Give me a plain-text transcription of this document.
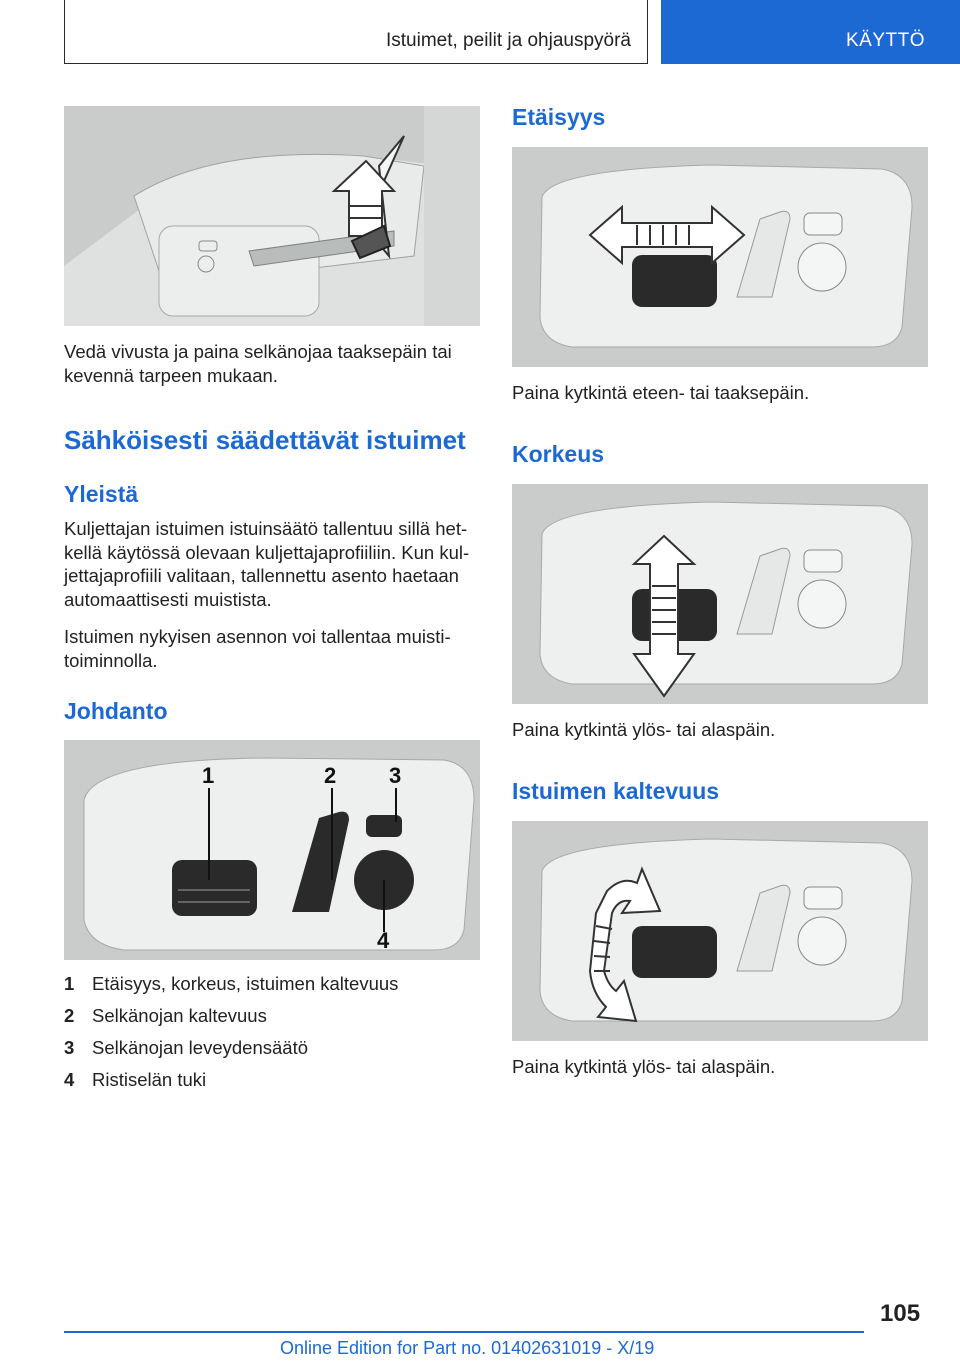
Istuimet, peilit ja ohjauspyörä	KÄYTTÖ
Vedä vivusta ja paina selkänojaa taaksepäin tai kevennä tarpeen mukaan.
Sähköisesti säädettävät istuimet
Yleistä
Kuljettajan istuimen istuinsäätö tallentuu sillä hetkellä käytössä olevaan kuljettajaprofiiliin. Kun kuljettajaprofiili valitaan, tallennettu asento haetaan automaattisesti muistista.
Istuimen nykyisen asennon voi tallentaa muistitoiminnolla.
Johdanto
1	2 3
4
1 Etäisyys, korkeus, istuimen kaltevuus
2 Selkänojan kaltevuus
3 Selkänojan leveydensäätö
4 Ristiselän tuki
Etäisyys
Paina kytkintä eteen- tai taaksepäin.
Korkeus
Paina kytkintä ylös- tai alaspäin.
Istuimen kaltevuus
Paina kytkintä ylös- tai alaspäin.
105
Online Edition for Part no. 01402631019 - X/19
